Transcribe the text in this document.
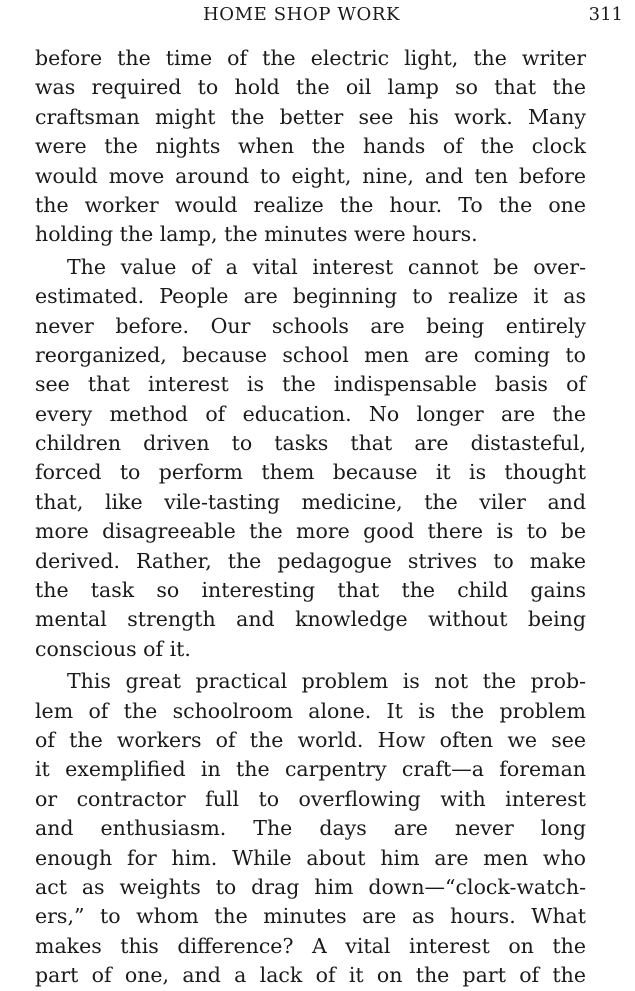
HOME SHOP WORK	311
before the time of the electric light, the writer
was required to hold the oil lamp so that the
craftsman might the better see his work. Many
were the nights when the hands of the clock
would move around to eight, nine, and ten before
the worker would realize the hour. To the one
holding the lamp, the minutes were hours.
The value of a vital interest cannot be over-
estimated. People are beginning to realize it as
never before. Our schools are being entirely
reorganized, because school men are coming to
see that interest is the indispensable basis of
every method of education. No longer are the
children driven to tasks that are distasteful,
forced to perform them because it is thought
that, like vile-tasting medicine, the viler and
more disagreeable the more good there is to be
derived. Rather, the pedagogue strives to make
the task so interesting that the child gains
mental strength and knowledge without being
conscious of it.
This great practical problem is not the prob-
lem of the schoolroom alone. It is the problem
of the workers of the world. How often we see
it exemplified in the carpentry craft—a foreman
or contractor full to overflowing with interest
and enthusiasm. The days are never long
enough for him. While about him are men who
act as weights to drag him down—“clock-watch-
ers,” to whom the minutes are as hours. What
makes this difference? A vital interest on the
part of one, and a lack of it on the part of the
